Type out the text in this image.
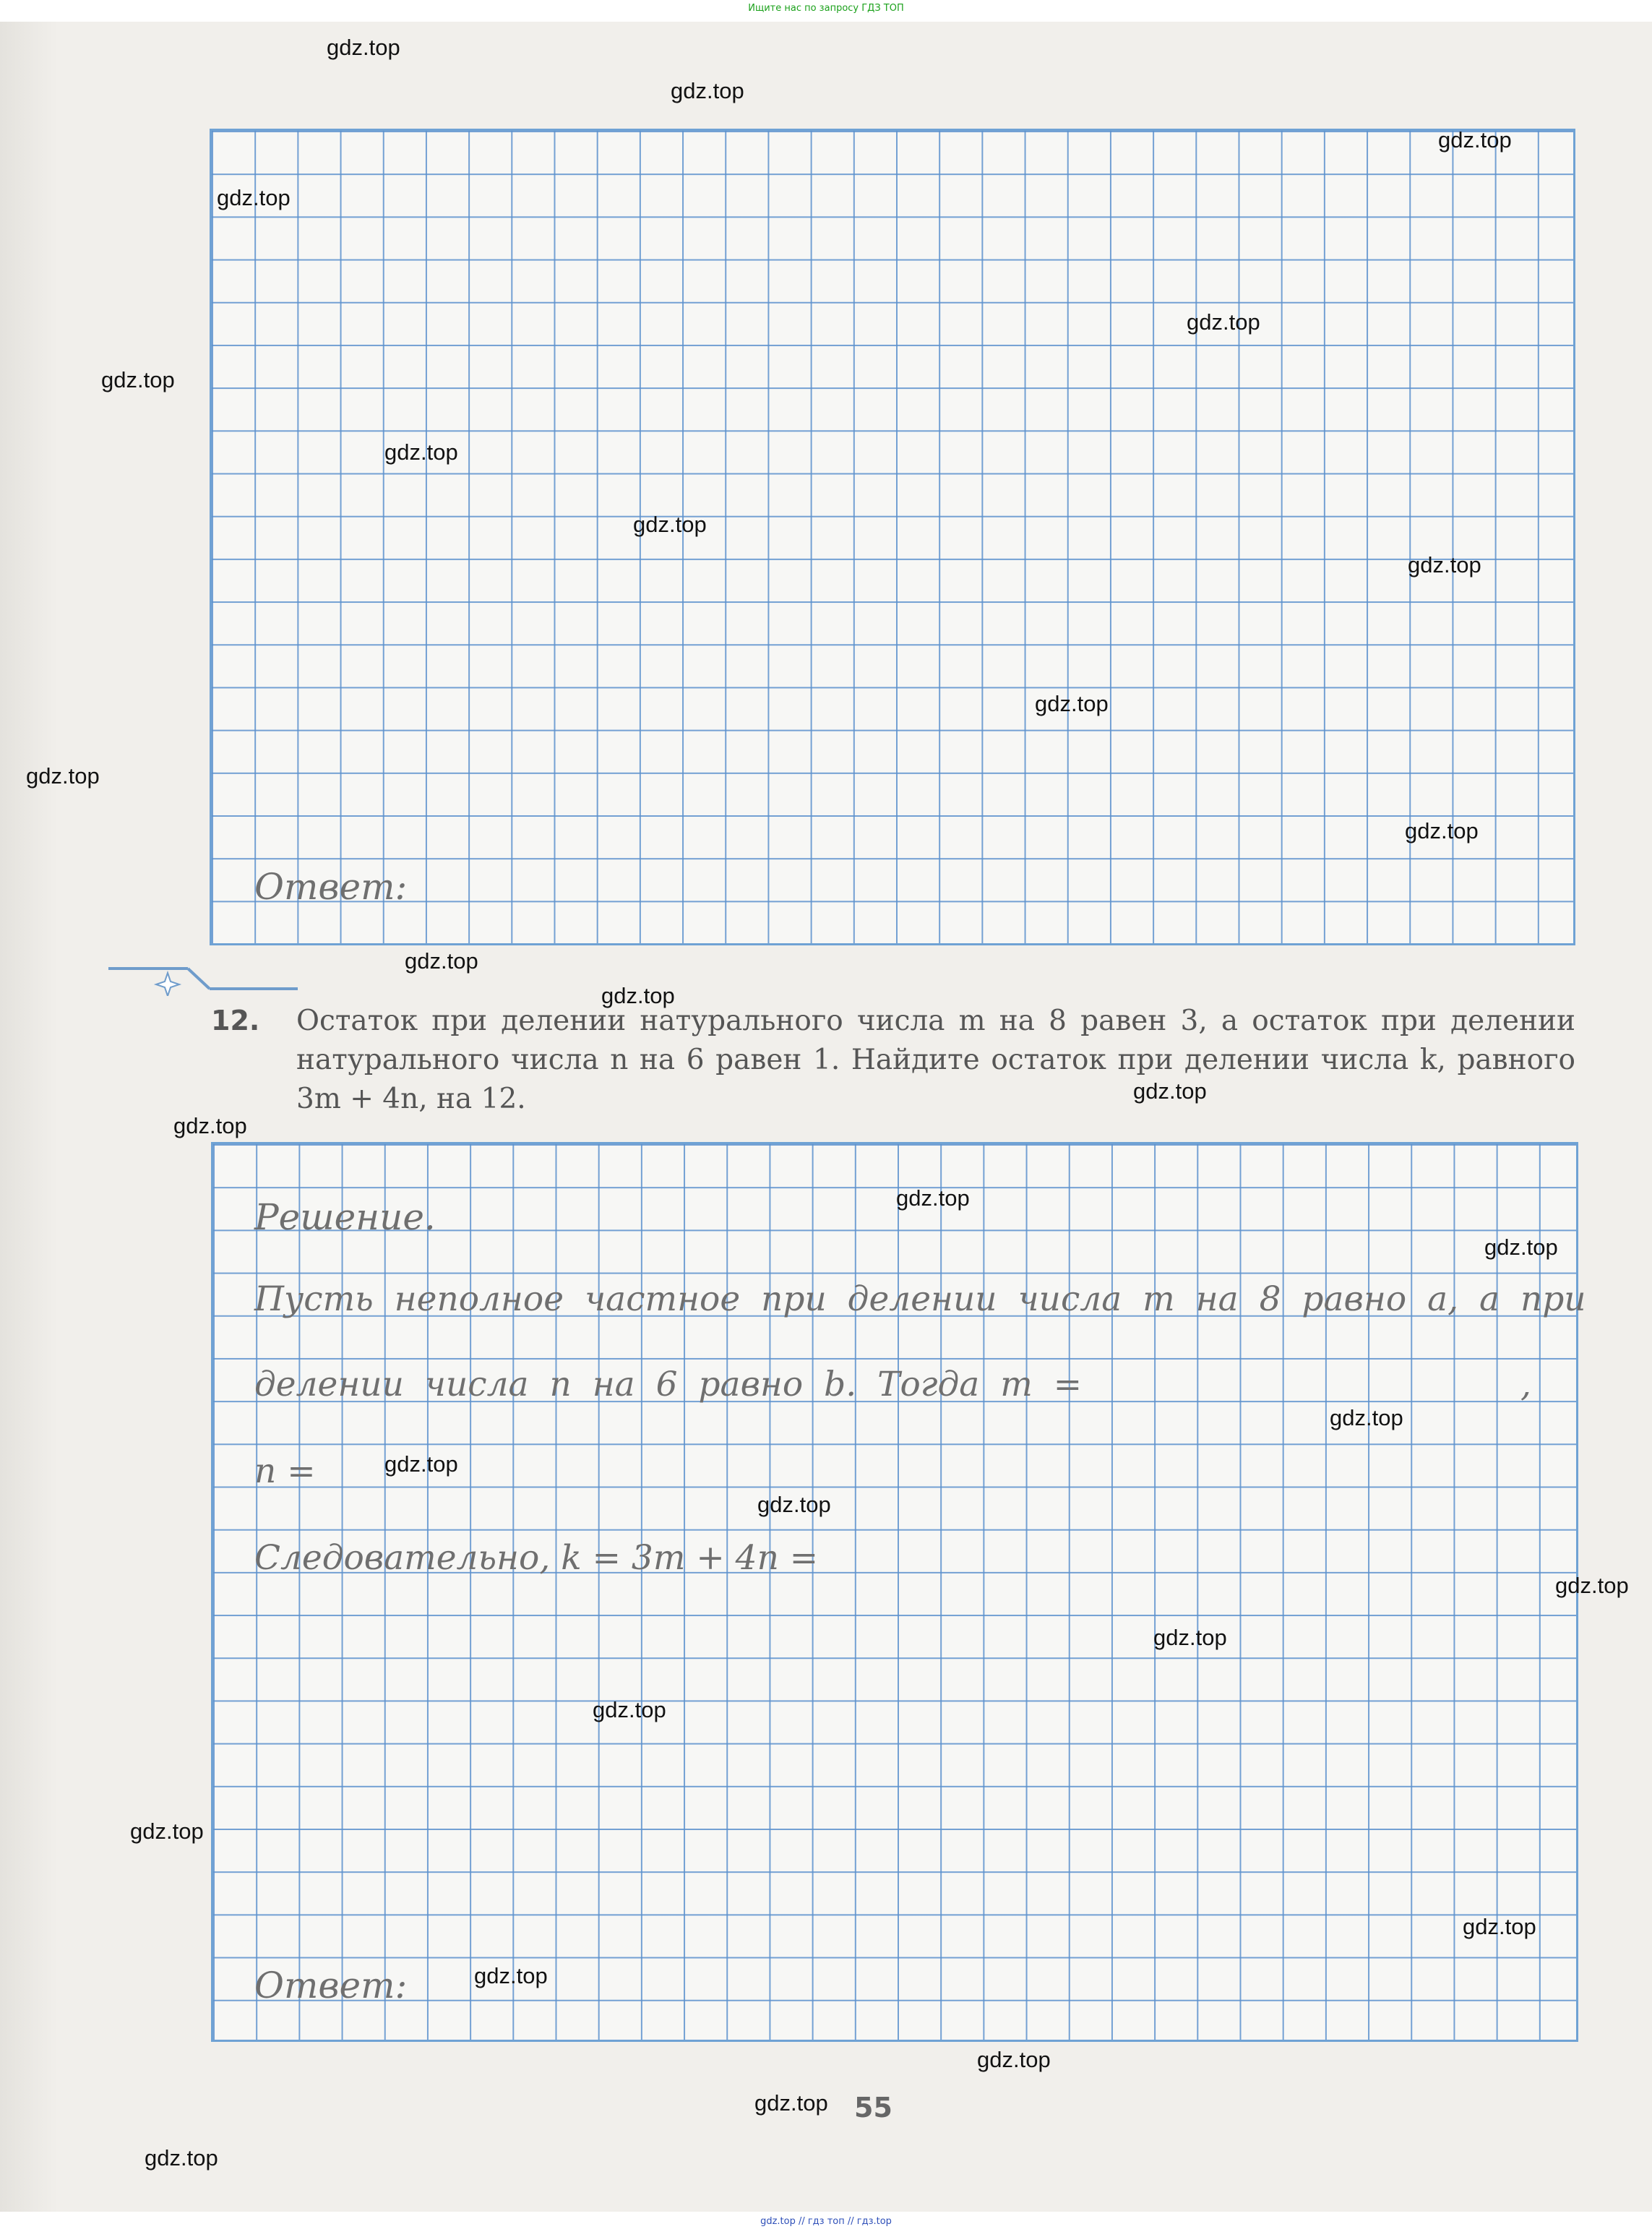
Ищите нас по запросу ГДЗ ТОП
Ответ:
12. Остаток при делении натурального числа m на 8 равен 3, а остаток при делении натурального числа n на 6 равен 1. Найдите остаток при делении числа k, равного 3m + 4n, на 12.
Решение.
Пусть неполное частное при делении числа m на 8 равно a, а при
делении числа n на 6 равно b. Тогда m =	,
n =
Следовательно, k = 3m + 4n =
Ответ:
55
gdz.top
gdz.top
gdz.top
gdz.top
gdz.top
gdz.top
gdz.top
gdz.top
gdz.top
gdz.top
gdz.top
gdz.top
gdz.top
gdz.top
gdz.top
gdz.top
gdz.top
gdz.top
gdz.top
gdz.top
gdz.top
gdz.top
gdz.top
gdz.top
gdz.top
gdz.top
gdz.top
gdz.top
gdz.top
gdz.top
gdz.top // гдз топ // гдз.top
